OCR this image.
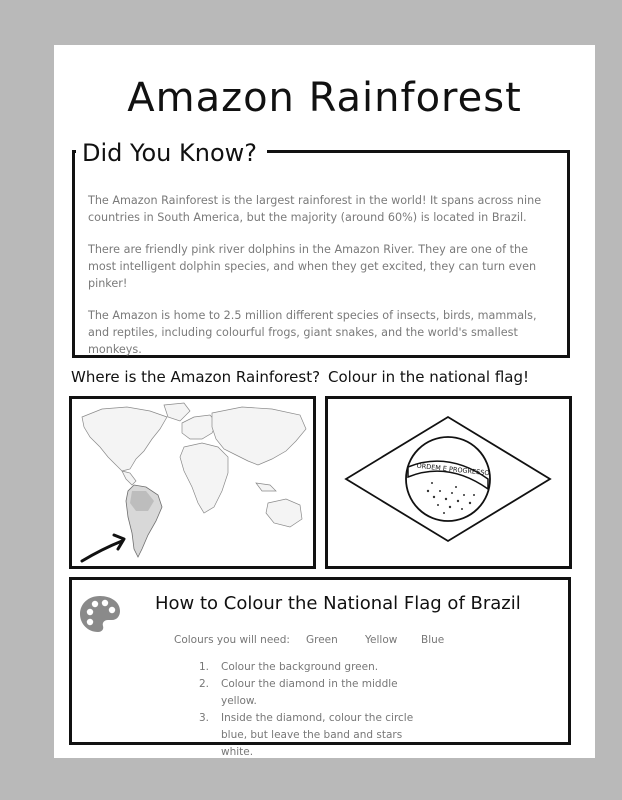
Amazon Rainforest
Did You Know?

The Amazon Rainforest is the largest rainforest in the world! It spans across nine countries in South America, but the majority (around 60%) is located in Brazil.

There are friendly pink river dolphins in the Amazon River. They are one of the most intelligent dolphin species, and when they get excited, they can turn even pinker!

The Amazon is home to 2.5 million different species of insects, birds, mammals, and reptiles, including colourful frogs, giant snakes, and the world's smallest monkeys.

Where is the Amazon Rainforest? Colour in the national flag!
ORDEM E PROGRESSO
How to Colour the National Flag of Brazil
Colours you will need: Green	Yellow Blue
1.	Colour the background green.
2.	Colour the diamond in the middle yellow.
3.	Inside the diamond, colour the circle blue, but leave the band and stars white.
